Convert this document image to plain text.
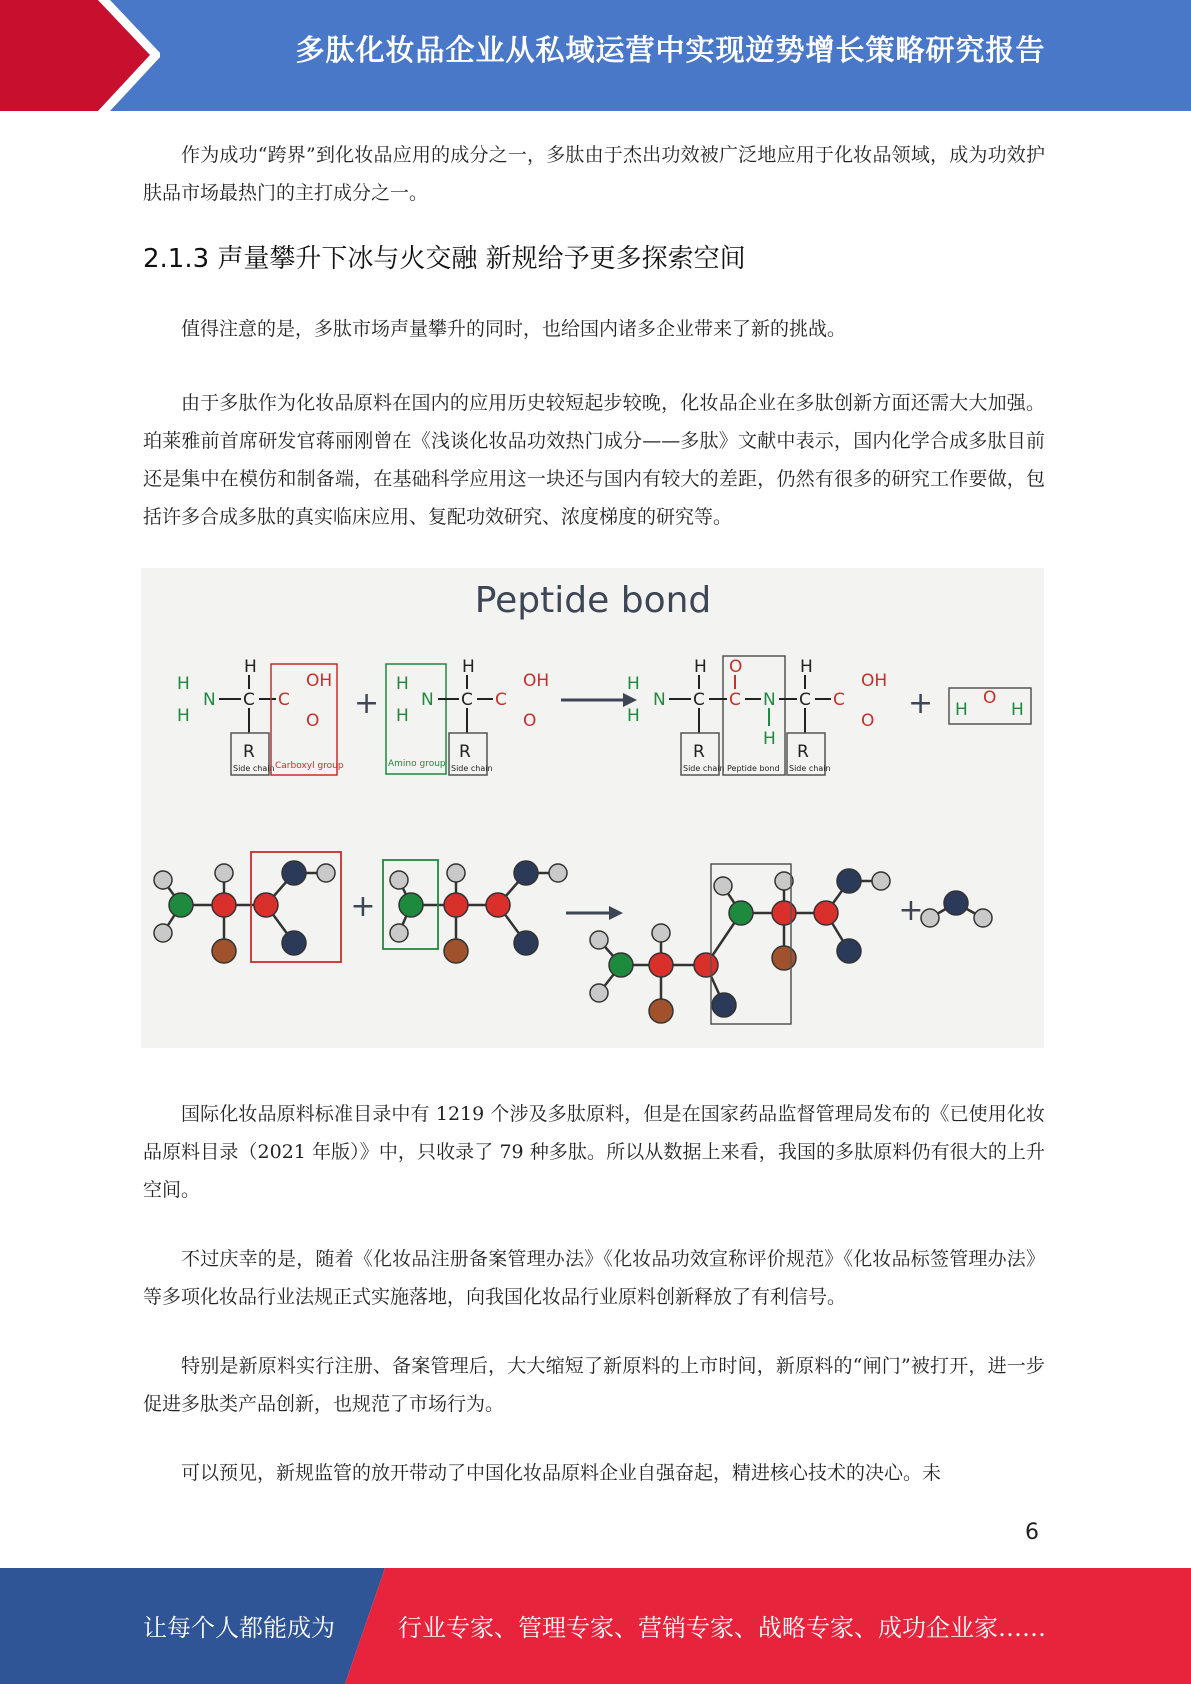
多肽化妆品企业从私域运营中实现逆势增长策略研究报告

作为成功“跨界”到化妆品应用的成分之一，多肽由于杰出功效被广泛地应用于化妆品领域，成为功效护肤品市场最热门的主打成分之一。

2.1.3 声量攀升下冰与火交融 新规给予更多探索空间

值得注意的是，多肽市场声量攀升的同时，也给国内诸多企业带来了新的挑战。

由于多肽作为化妆品原料在国内的应用历史较短起步较晚，化妆品企业在多肽创新方面还需大大加强。珀莱雅前首席研发官蒋丽刚曾在《浅谈化妆品功效热门成分——多肽》文献中表示，国内化学合成多肽目前还是集中在模仿和制备端，在基础科学应用这一块还与国内有较大的差距，仍然有很多的研究工作要做，包括许多合成多肽的真实临床应用、复配功效研究、浓度梯度的研究等。

Peptide bond
H
H
N C
H
C
OH
O
R
Side chain Carboxyl group
+
H
H
N
Amino group
C
H
C
OH
O
R
Side chain
H
H
N C
H
R
Side chain Peptide bond
C
O
N
H
C
H
R
Side chain
C
OH
O + H
O
H
+	+

国际化妆品原料标准目录中有 1219 个涉及多肽原料，但是在国家药品监督管理局发布的《已使用化妆品原料目录（2021 年版）》中，只收录了 79 种多肽。所以从数据上来看，我国的多肽原料仍有很大的上升空间。

不过庆幸的是，随着《化妆品注册备案管理办法》《化妆品功效宣称评价规范》《化妆品标签管理办法》等多项化妆品行业法规正式实施落地，向我国化妆品行业原料创新释放了有利信号。

特别是新原料实行注册、备案管理后，大大缩短了新原料的上市时间，新原料的“闸门”被打开，进一步促进多肽类产品创新，也规范了市场行为。

可以预见，新规监管的放开带动了中国化妆品原料企业自强奋起，精进核心技术的决心。未

6
让每个人都能成为	行业专家、管理专家、营销专家、战略专家、成功企业家……
